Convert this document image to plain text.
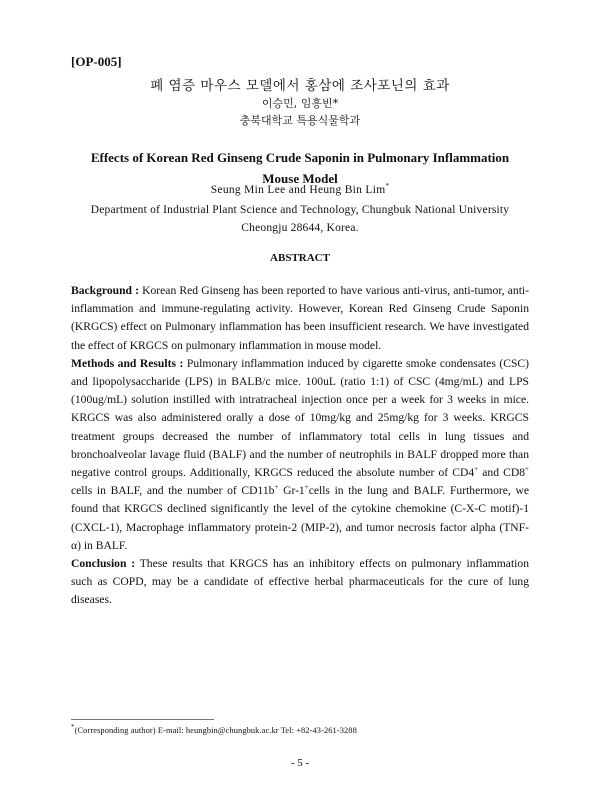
[OP-005]
폐 염증 마우스 모델에서 홍삼에 조사포닌의 효과
이승민, 임흥빈*
충북대학교 특용식물학과
Effects of Korean Red Ginseng Crude Saponin in Pulmonary Inflammation
Mouse Model
Seung Min Lee and Heung Bin Lim*
Department of Industrial Plant Science and Technology, Chungbuk National University
Cheongju 28644, Korea.
ABSTRACT

Background : Korean Red Ginseng has been reported to have various anti-virus, anti-tumor, anti-inflammation and immune-regulating activity. However, Korean Red Ginseng Crude Saponin (KRGCS) effect on Pulmonary inflammation has been insufficient research. We have investigated the effect of KRGCS on pulmonary inflammation in mouse model.

Methods and Results : Pulmonary inflammation induced by cigarette smoke condensates (CSC) and lipopolysaccharide (LPS) in BALB/c mice. 100uL (ratio 1:1) of CSC (4mg/mL) and LPS (100ug/mL) solution instilled with intratracheal injection once per a week for 3 weeks in mice. KRGCS was also administered orally a dose of 10mg/kg and 25mg/kg for 3 weeks. KRGCS treatment groups decreased the number of inflammatory total cells in lung tissues and bronchoalveolar lavage fluid (BALF) and the number of neutrophils in BALF dropped more than negative control groups. Additionally, KRGCS reduced the absolute number of CD4+ and CD8+ cells in BALF, and the number of CD11b+ Gr-1+cells in the lung and BALF. Furthermore, we found that KRGCS declined significantly the level of the cytokine chemokine (C-X-C motif)-1 (CXCL-1), Macrophage inflammatory protein-2 (MIP-2), and tumor necrosis factor alpha (TNF-α) in BALF.

Conclusion : These results that KRGCS has an inhibitory effects on pulmonary inflammation such as COPD, may be a candidate of effective herbal pharmaceuticals for the cure of lung diseases.

*(Corresponding author) E-mail: heungbin@chungbuk.ac.kr Tel: +82-43-261-3288
- 5 -
